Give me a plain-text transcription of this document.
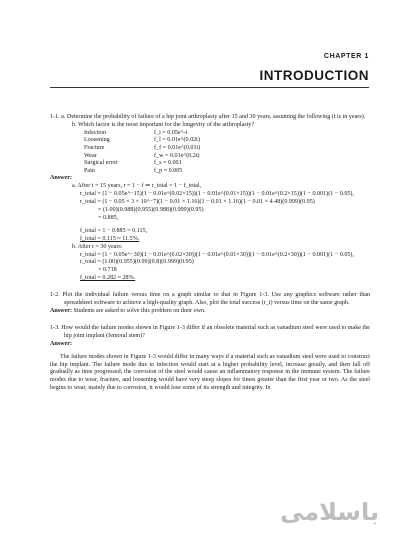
CHAPTER 1
INTRODUCTION

1-1. a. Determine the probability of failure of a hip joint arthroplasty after 15 and 30 years, assuming the following (t is in years).

b. Which factor is the most important for the longevity of the arthroplasty?

Infection	f_i = 0.05e^-t
Loosening	f_l = 0.01e^(0.02t)
Fracture	f_f = 0.01e^(0.01t)
Wear	f_w = 0.01e^(0.2t)
Surgical error	f_s = 0.001
Pain	f_p = 0.005

Answer:

a. After t = 15 years, r = 1 − f ⇒ r_total = 1 − f_total,

r_total = (1 − 0.05e^−15)(1 − 0.01e^(0.02×15))(1 − 0.01e^(0.01×15))(1 − 0.01e^(0.2×15))(1 − 0.001)(1 − 0.05),

r_total = (1 − 0.05 × 3 × 10^−7)(1 − 0.01 × 1.16)(1 − 0.01 × 1.16)(1 − 0.01 × 4.48)(0.999)(0.95)

= (1.00)(0.988)(0.955)(0.988)(0.999)(0.95)

= 0.885,

f_total = 1 − 0.885 = 0.115,

f_total = 0.115 ≈ 11.5%.

b. After t = 30 years:

r_total = (1 − 0.05e^−30)(1 − 0.01e^(0.02×30))(1 − 0.01e^(0.01×30))(1 − 0.01e^(0.2×30))(1 − 0.001)(1 − 0.05),

r_total = (1.00)(0.955)(0.99)(0.8)(0.999)(0.95)

= 0.718

f_total = 0.282 ≈ 28%.

1-2. Plot the individual failure versus time on a graph similar to that in Figure 1-3. Use any graphics software rather than spreadsheet software to achieve a high-quality graph. Also, plot the total success (r_i) versus time on the same graph.

Answer: Students are asked to solve this problem on their own.

1-3. How would the failure modes shown in Figure 1-3 differ if an obsolete material such as vanadium steel were used to make the hip joint implant (femoral stem)?

Answer:

The failure modes shown in Figure 1-3 would differ in many ways if a material such as vanadium steel were used to construct the hip implant. The failure mode due to infection would start at a higher probability level, increase greatly, and then fall off gradually as time progressed; the corrosion of the steel would cause an inflammatory response in the immune system. The failure modes due to wear, fracture, and loosening would have very steep slopes for times greater than the first year or two. As the steel begins to wear, mainly due to corrosion, it would lose some of its strength and integrity. In

باسلامی
